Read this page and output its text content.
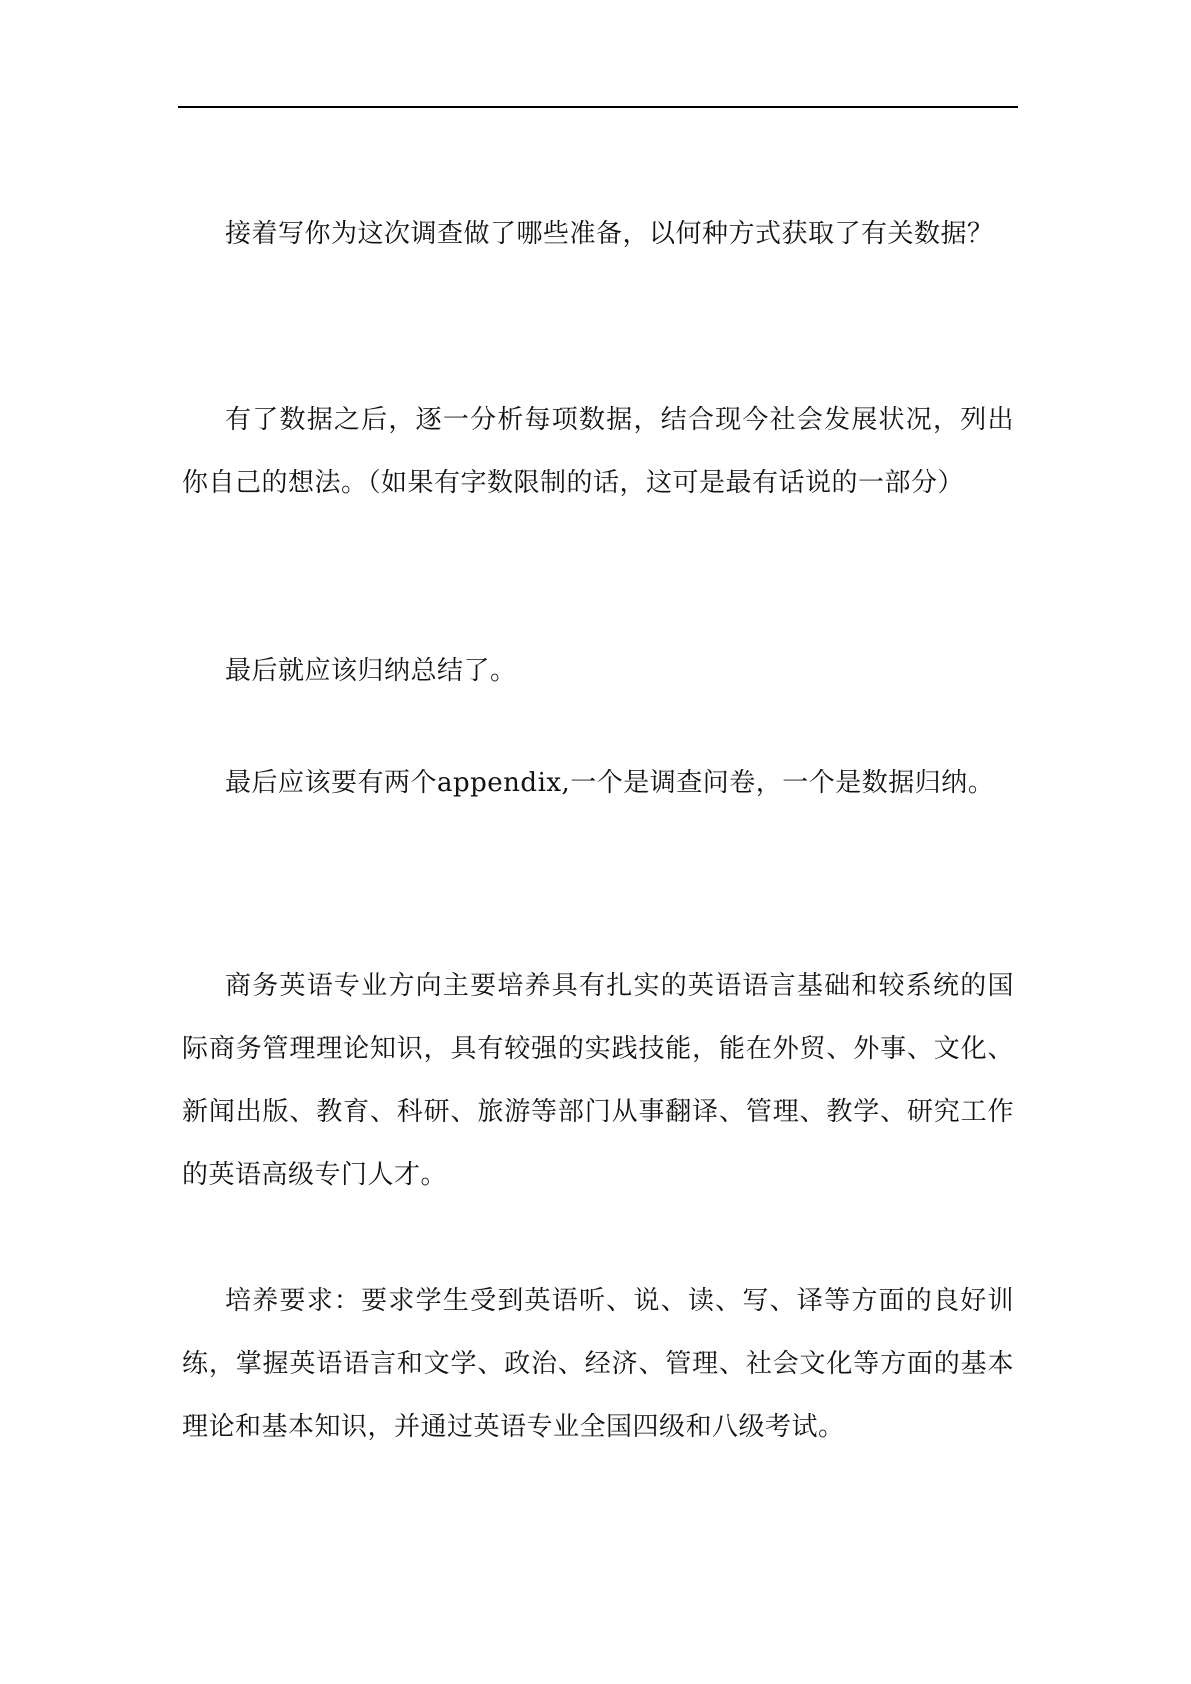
接着写你为这次调查做了哪些准备，以何种方式获取了有关数据？

有了数据之后，逐一分析每项数据，结合现今社会发展状况，列出你自己的想法。（如果有字数限制的话，这可是最有话说的一部分）

最后就应该归纳总结了。

最后应该要有两个appendix,一个是调查问卷，一个是数据归纳。

商务英语专业方向主要培养具有扎实的英语语言基础和较系统的国际商务管理理论知识，具有较强的实践技能，能在外贸、外事、文化、新闻出版、教育、科研、旅游等部门从事翻译、管理、教学、研究工作的英语高级专门人才。

培养要求：要求学生受到英语听、说、读、写、译等方面的良好训练，掌握英语语言和文学、政治、经济、管理、社会文化等方面的基本理论和基本知识，并通过英语专业全国四级和八级考试。
